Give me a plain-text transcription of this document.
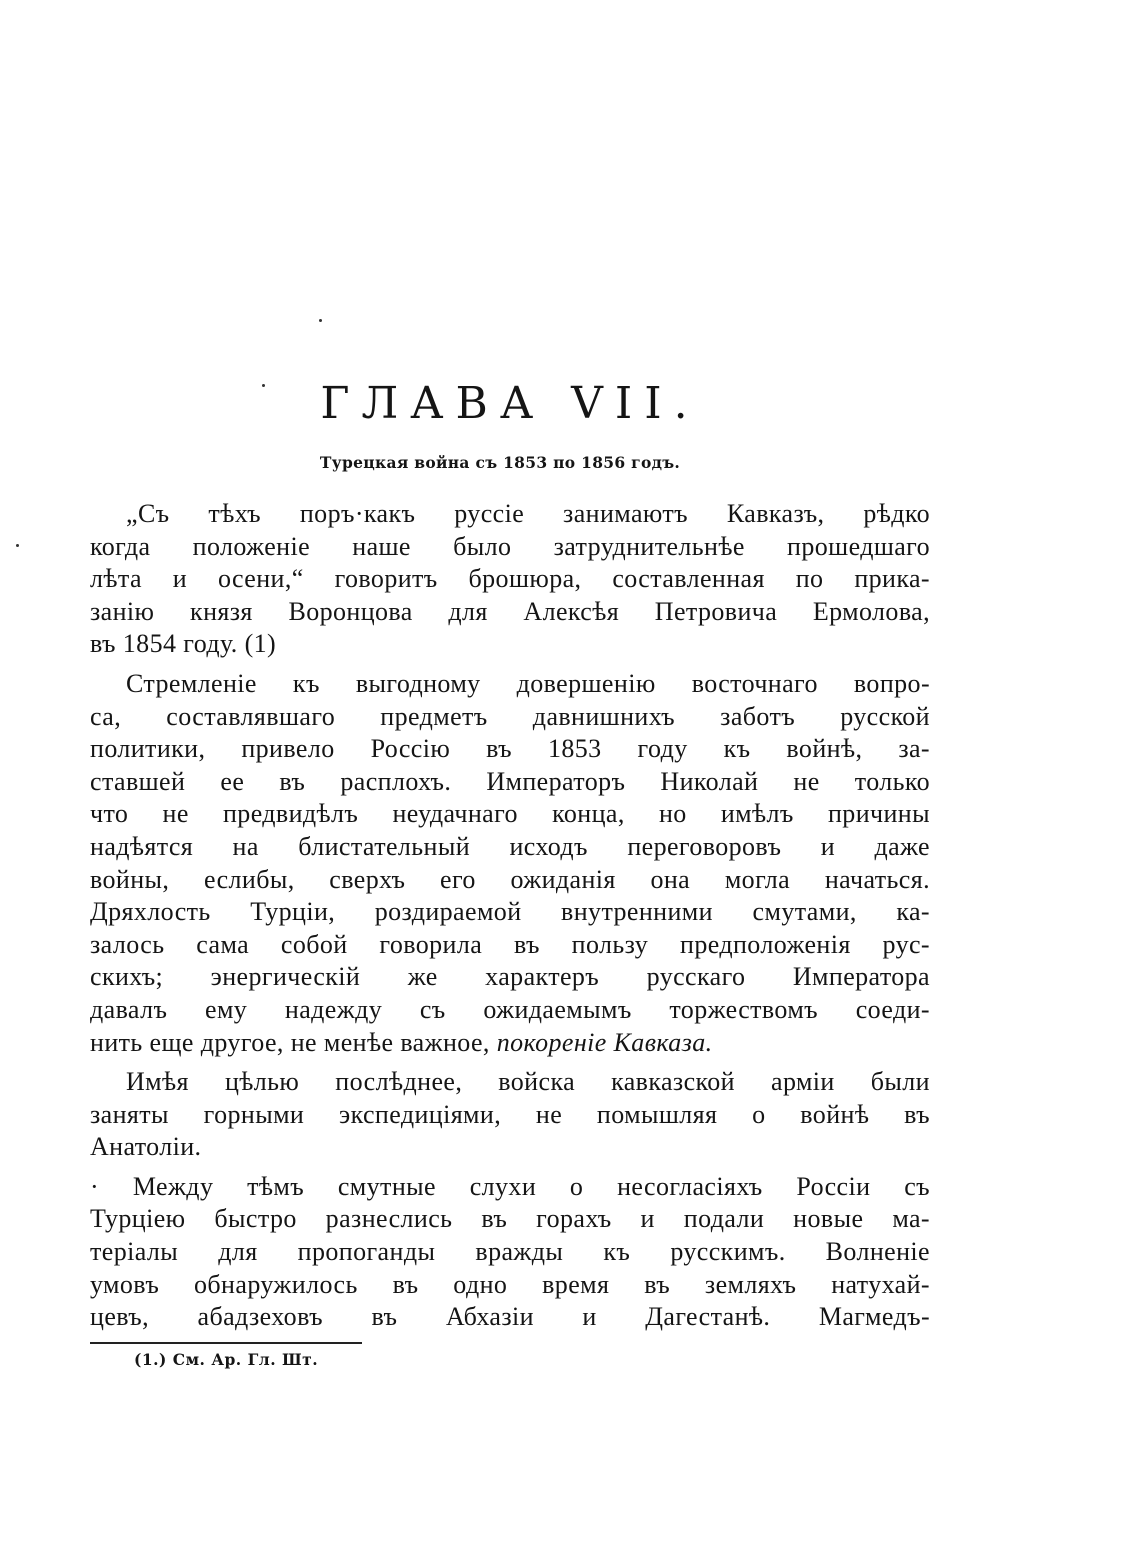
ГЛАВА VII.
Турецкая война съ 1853 по 1856 годъ.
„Съ тѣхъ поръ·какъ руссіе занимаютъ Кавказъ, рѣдко
когда положеніе наше было затруднительнѣе прошедшаго
лѣта и осени,“ говоритъ брошюра, составленная по прика-
занію князя Воронцова для Алексѣя Петровича Ермолова,
въ 1854 году. (1)
Стремленіе къ выгодному довершенію восточнаго вопро-
са, составлявшаго предметъ давнишнихъ заботъ русской
политики, привело Россію въ 1853 году къ войнѣ, за-
ставшей ее въ расплохъ. Императоръ Николай не только
что не предвидѣлъ неудачнаго конца, но имѣлъ причины
надѣятся на блистательный исходъ переговоровъ и даже
войны, еслибы, сверхъ его ожиданія она могла начаться.
Дряхлость Турціи, роздираемой внутренними смутами, ка-
залось сама собой говорила въ пользу предположенія рус-
скихъ; энергическій же характеръ русскаго Императора
давалъ ему надежду съ ожидаемымъ торжествомъ соеди-
нить еще другое, не менѣе важное, покореніе Кавказа.
Имѣя цѣлью послѣднее, войска кавказской арміи были
заняты горными экспедиціями, не помышляя о войнѣ въ
Анатоліи.
· Между тѣмъ смутные слухи о несогласіяхъ Россіи съ
Турціею быстро разнеслись въ горахъ и подали новые ма-
теріалы для пропоганды вражды къ русскимъ. Волненіе
умовъ обнаружилось въ одно время въ земляхъ натухай-
цевъ, абадзеховъ въ Абхазіи и Дагестанѣ. Магмедъ-
(1.) См. Ар. Гл. Шт.
